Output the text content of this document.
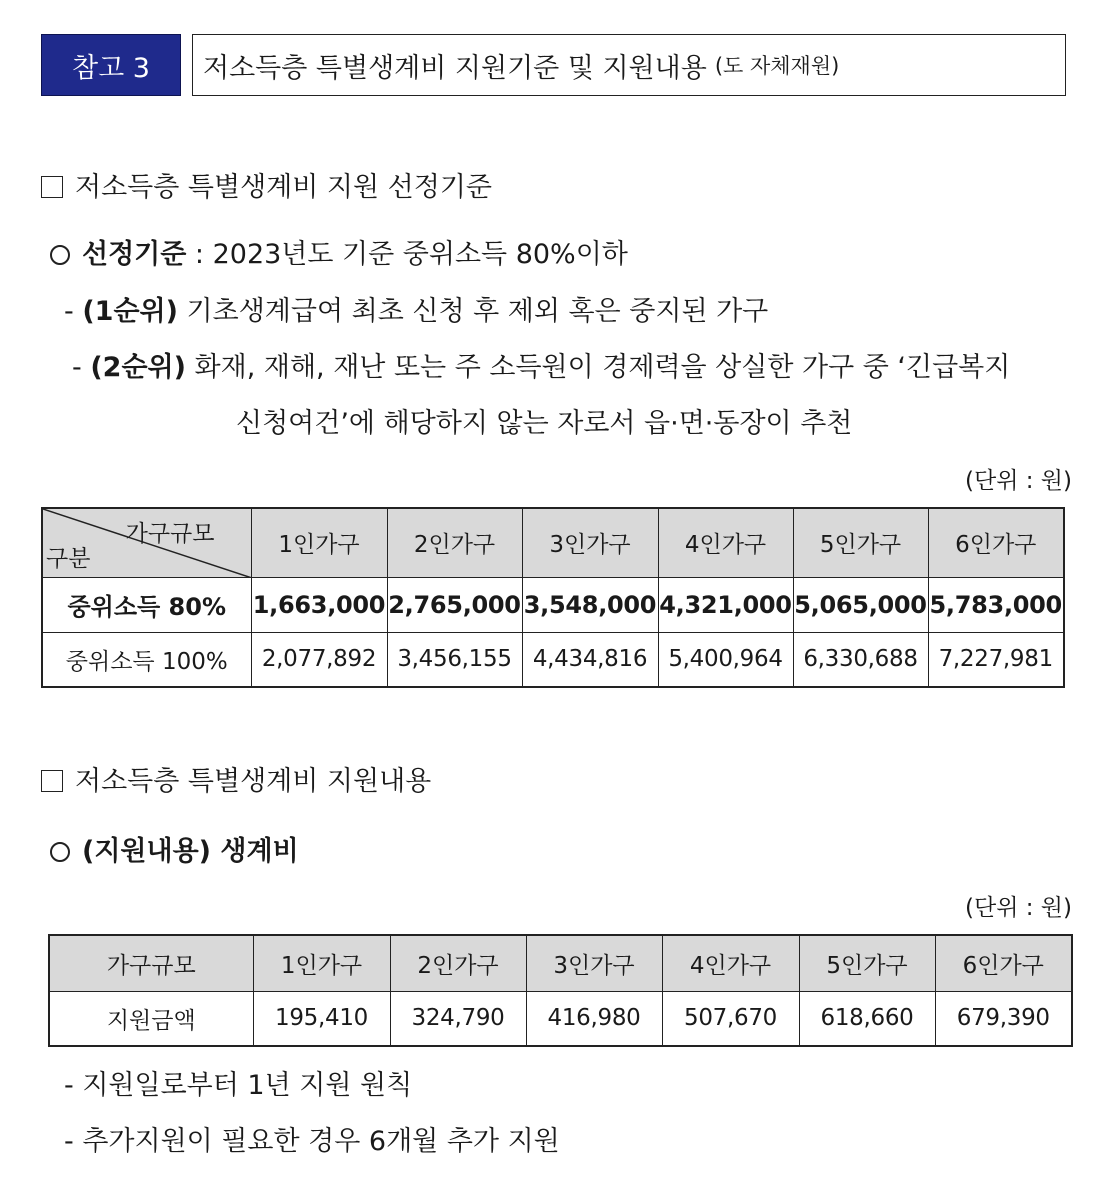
참고 3	저소득층 특별생계비 지원기준 및 지원내용 (도 자체재원)
저소득층 특별생계비 지원 선정기준
선정기준 : 2023년도 기준 중위소득 80%이하
- (1순위) 기초생계급여 최초 신청 후 제외 혹은 중지된 가구
- (2순위) 화재, 재해, 재난 또는 주 소득원이 경제력을 상실한 가구 중 ‘긴급복지
신청여건’에 해당하지 않는 자로서 읍·면·동장이 추천
(단위 : 원)
가구규모
구분	1인가구	2인가구	3인가구	4인가구	5인가구	6인가구
중위소득 80%	1,663,000	2,765,000	3,548,000	4,321,000	5,065,000	5,783,000
중위소득 100%	2,077,892	3,456,155	4,434,816	5,400,964	6,330,688	7,227,981
저소득층 특별생계비 지원내용
(지원내용) 생계비
(단위 : 원)
가구규모	1인가구	2인가구	3인가구	4인가구	5인가구	6인가구
지원금액	195,410	324,790	416,980	507,670	618,660	679,390
- 지원일로부터 1년 지원 원칙
- 추가지원이 필요한 경우 6개월 추가 지원
